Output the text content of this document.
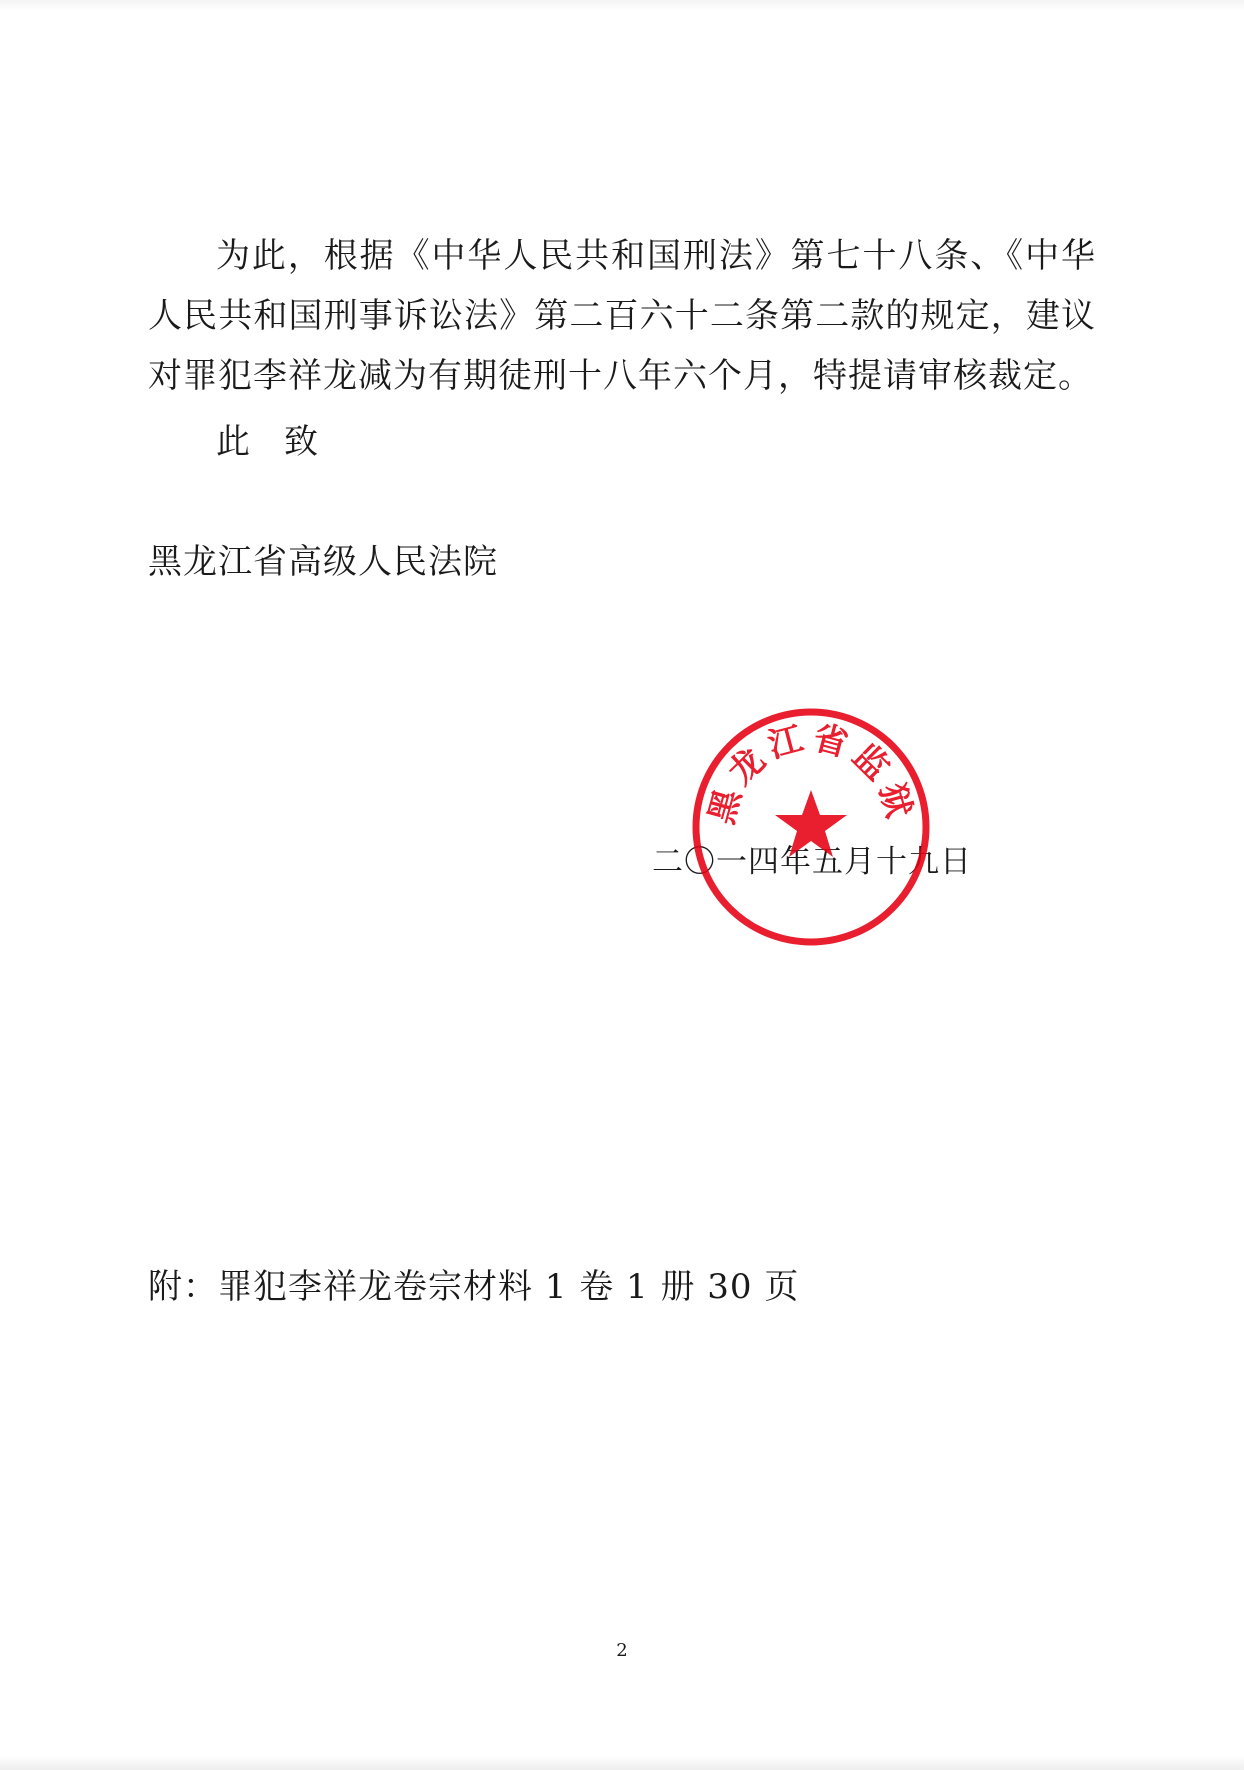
为此，根据《中华人民共和国刑法》第七十八条、《中华人民共和国刑事诉讼法》第二百六十二条第二款的规定，建议对罪犯李祥龙减为有期徒刑十八年六个月，特提请审核裁定。

此 致

黑龙江省高级人民法院

二〇一四年五月十九日

黑龙江省监狱

附：罪犯李祥龙卷宗材料 1 卷 1 册 30 页

2
